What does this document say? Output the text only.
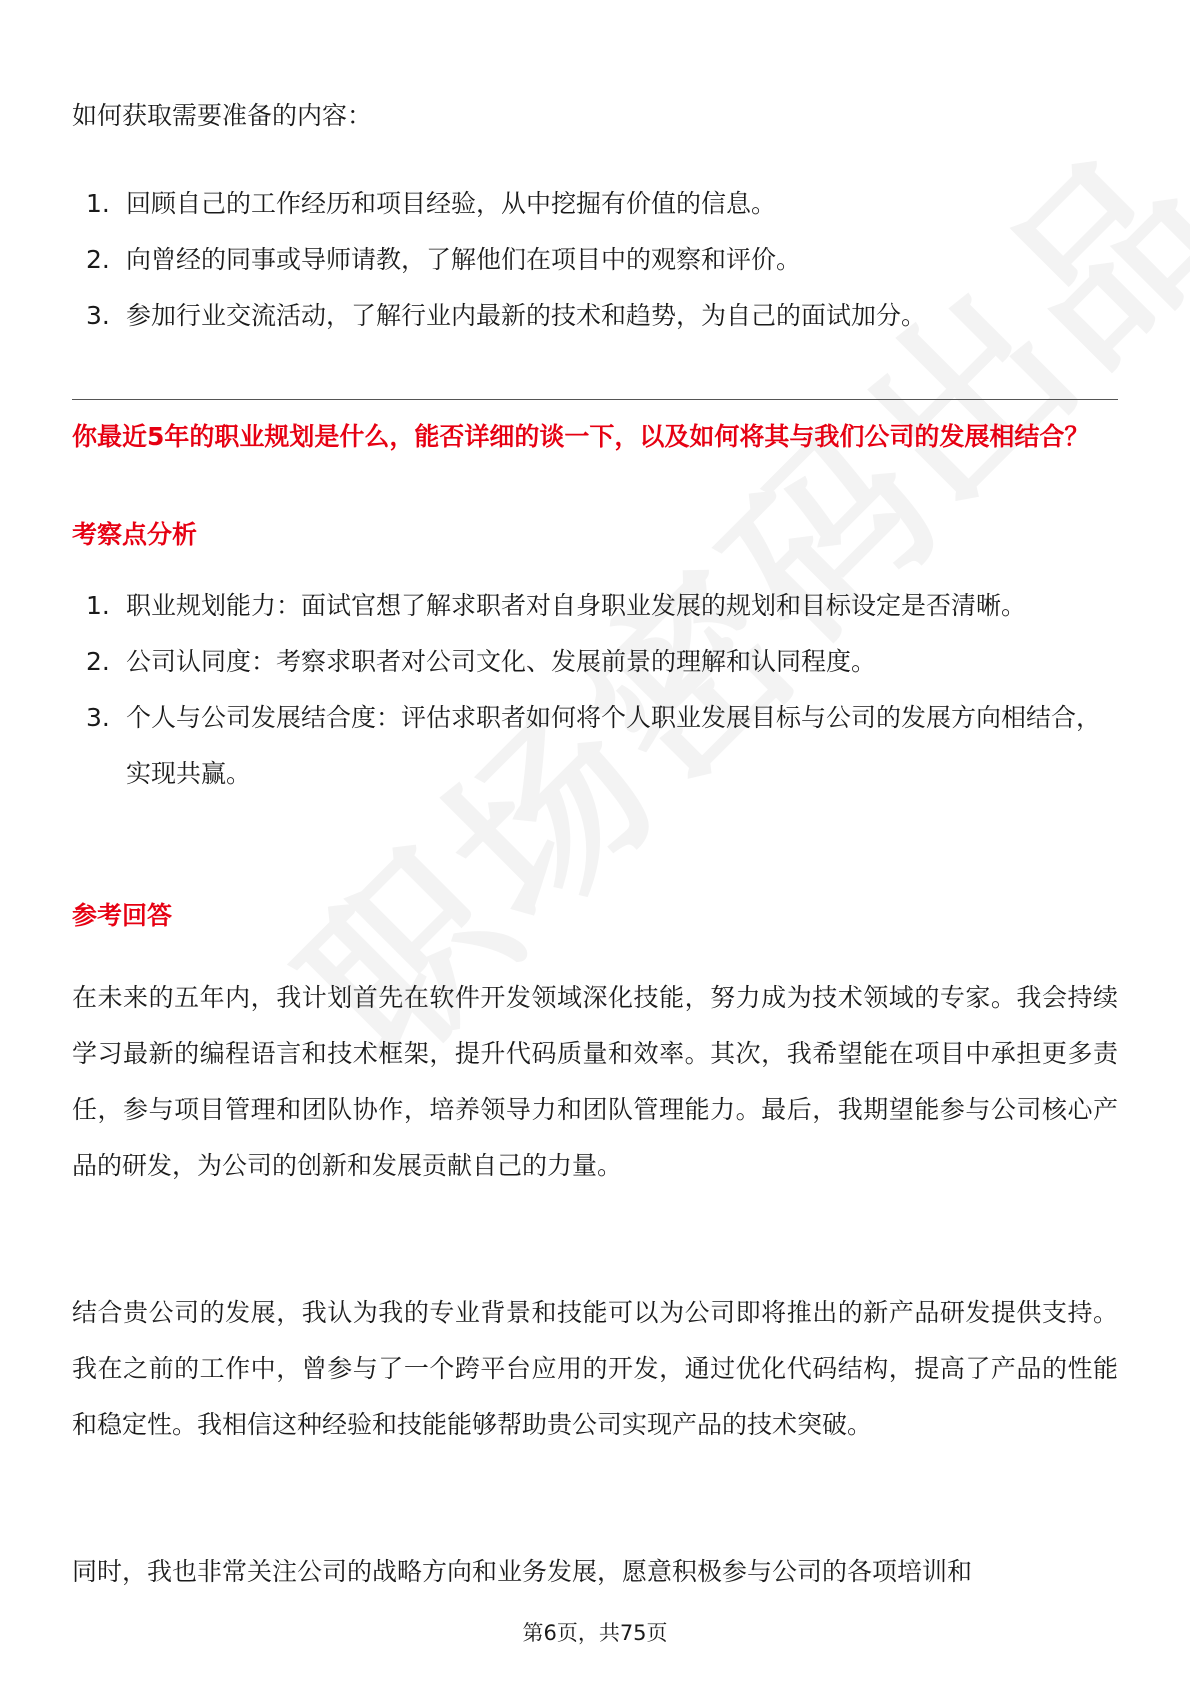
如何获取需要准备的内容：

1. 回顾自己的工作经历和项目经验，从中挖掘有价值的信息。
2. 向曾经的同事或导师请教，了解他们在项目中的观察和评价。
3. 参加行业交流活动，了解行业内最新的技术和趋势，为自己的面试加分。
你最近5年的职业规划是什么，能否详细的谈一下，以及如何将其与我们公司的发展相结合？
考察点分析
1. 职业规划能力：面试官想了解求职者对自身职业发展的规划和目标设定是否清晰。
2. 公司认同度：考察求职者对公司文化、发展前景的理解和认同程度。
3. 个人与公司发展结合度：评估求职者如何将个人职业发展目标与公司的发展方向相结合，实现共赢。
参考回答

在未来的五年内，我计划首先在软件开发领域深化技能，努力成为技术领域的专家。我会持续学习最新的编程语言和技术框架，提升代码质量和效率。其次，我希望能在项目中承担更多责任，参与项目管理和团队协作，培养领导力和团队管理能力。最后，我期望能参与公司核心产品的研发，为公司的创新和发展贡献自己的力量。

结合贵公司的发展，我认为我的专业背景和技能可以为公司即将推出的新产品研发提供支持。我在之前的工作中，曾参与了一个跨平台应用的开发，通过优化代码结构，提高了产品的性能和稳定性。我相信这种经验和技能能够帮助贵公司实现产品的技术突破。

同时，我也非常关注公司的战略方向和业务发展，愿意积极参与公司的各项培训和

第6页，共75页
